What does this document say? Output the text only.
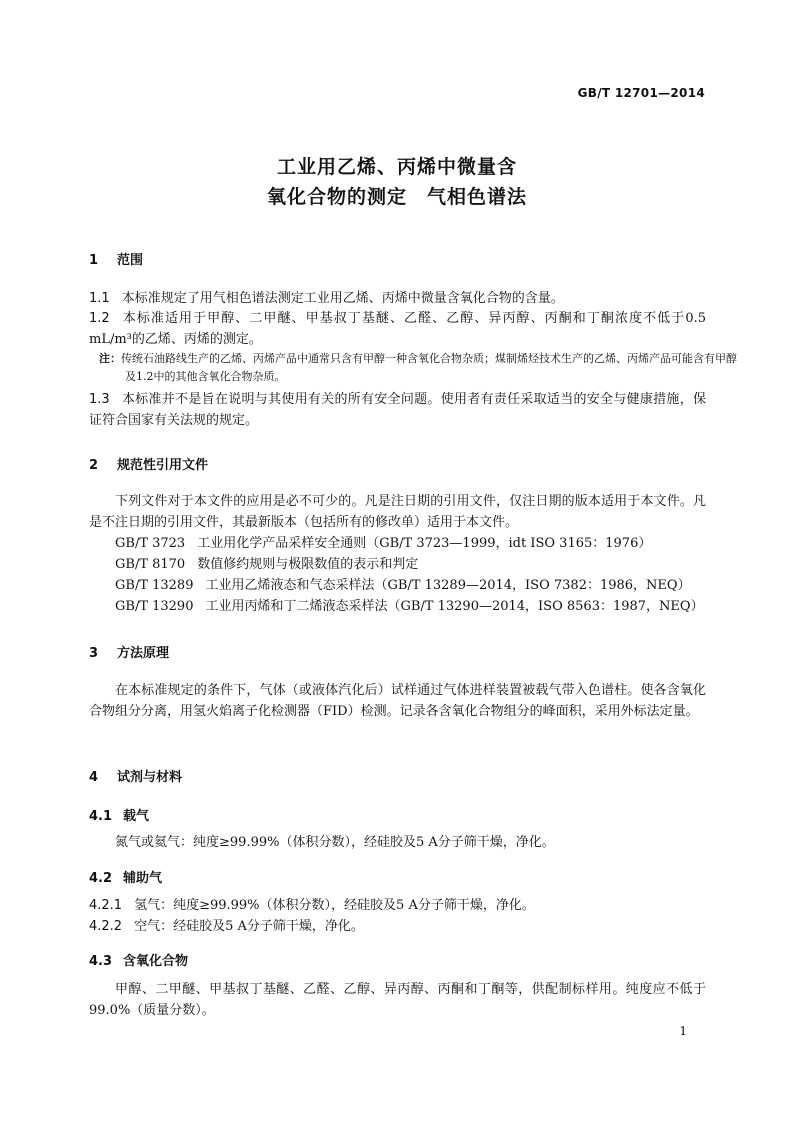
GB/T 12701—2014
工业用乙烯、丙烯中微量含
氧化合物的测定　气相色谱法
1 范围
1.1 本标准规定了用气相色谱法测定工业用乙烯、丙烯中微量含氧化合物的含量。
1.2 本标准适用于甲醇、二甲醚、甲基叔丁基醚、乙醛、乙醇、异丙醇、丙酮和丁酮浓度不低于0.5 mL/m³的乙烯、丙烯的测定。
注：传统石油路线生产的乙烯、丙烯产品中通常只含有甲醇一种含氧化合物杂质；煤制烯烃技术生产的乙烯、丙烯产品可能含有甲醇及1.2中的其他含氧化合物杂质。
1.3 本标准并不是旨在说明与其使用有关的所有安全问题。使用者有责任采取适当的安全与健康措施，保证符合国家有关法规的规定。
2 规范性引用文件
下列文件对于本文件的应用是必不可少的。凡是注日期的引用文件，仅注日期的版本适用于本文件。凡是不注日期的引用文件，其最新版本（包括所有的修改单）适用于本文件。
GB/T 3723 工业用化学产品采样安全通则（GB/T 3723—1999，idt ISO 3165：1976）
GB/T 8170 数值修约规则与极限数值的表示和判定
GB/T 13289 工业用乙烯液态和气态采样法（GB/T 13289—2014，ISO 7382：1986，NEQ）
GB/T 13290 工业用丙烯和丁二烯液态采样法（GB/T 13290—2014，ISO 8563：1987，NEQ）
3 方法原理
在本标准规定的条件下，气体（或液体汽化后）试样通过气体进样装置被载气带入色谱柱。使各含氧化合物组分分离，用氢火焰离子化检测器（FID）检测。记录各含氧化合物组分的峰面积，采用外标法定量。
4 试剂与材料
4.1 载气
氮气或氦气：纯度≥99.99%（体积分数），经硅胶及5 A分子筛干燥，净化。
4.2 辅助气
4.2.1 氢气：纯度≥99.99%（体积分数），经硅胶及5 A分子筛干燥，净化。
4.2.2 空气：经硅胶及5 A分子筛干燥，净化。
4.3 含氧化合物
甲醇、二甲醚、甲基叔丁基醚、乙醛、乙醇、异丙醇、丙酮和丁酮等，供配制标样用。纯度应不低于99.0%（质量分数）。
1
